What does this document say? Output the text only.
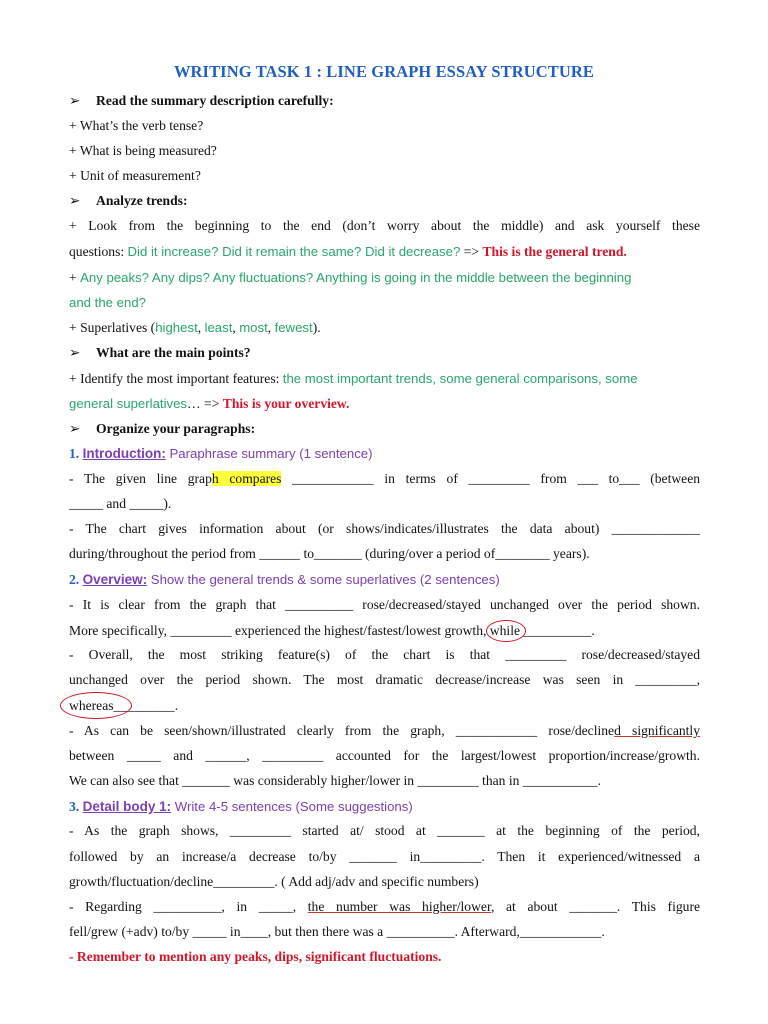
WRITING TASK 1 : LINE GRAPH ESSAY STRUCTURE
➢ Read the summary description carefully:
+ What’s the verb tense?
+ What is being measured?
+ Unit of measurement?
➢ Analyze trends:
+ Look from the beginning to the end (don’t worry about the middle) and ask yourself these
questions: Did it increase? Did it remain the same? Did it decrease? => This is the general trend.
+ Any peaks? Any dips? Any fluctuations? Anything is going in the middle between the beginning
and the end?
+ Superlatives (highest, least, most, fewest).
➢ What are the main points?
+ Identify the most important features: the most important trends, some general comparisons, some
general superlatives… => This is your overview.
➢ Organize your paragraphs:
1. Introduction: Paraphrase summary (1 sentence)
- The given line graph compares ____________ in terms of _________ from ___ to___ (between
_____ and _____).
- The chart gives information about (or shows/indicates/illustrates the data about) _____________
during/throughout the period from ______ to_______ (during/over a period of________ years).
2. Overview: Show the general trends & some superlatives (2 sentences)
- It is clear from the graph that __________ rose/decreased/stayed unchanged over the period shown.
More specifically, _________ experienced the highest/fastest/lowest growth, while
__________.
- Overall, the most striking feature(s) of the chart is that _________ rose/decreased/stayed
unchanged over the period shown. The most dramatic decrease/increase was seen in _________,
whereas
_________.
- As can be seen/shown/illustrated clearly from the graph, ____________ rose/declined significantly
between _____ and ______, _________ accounted for the largest/lowest proportion/increase/growth.
We can also see that _______ was considerably higher/lower in _________ than in ___________.
3. Detail body 1: Write 4-5 sentences (Some suggestions)
- As the graph shows, _________ started at/ stood at _______ at the beginning of the period,
followed by an increase/a decrease to/by _______ in_________. Then it experienced/witnessed a
growth/fluctuation/decline_________. ( Add adj/adv and specific numbers)
- Regarding __________, in _____, the number was higher/lower, at about _______. This figure
fell/grew (+adv) to/by _____ in____, but then there was a __________. Afterward,____________.
- Remember to mention any peaks, dips, significant fluctuations.
